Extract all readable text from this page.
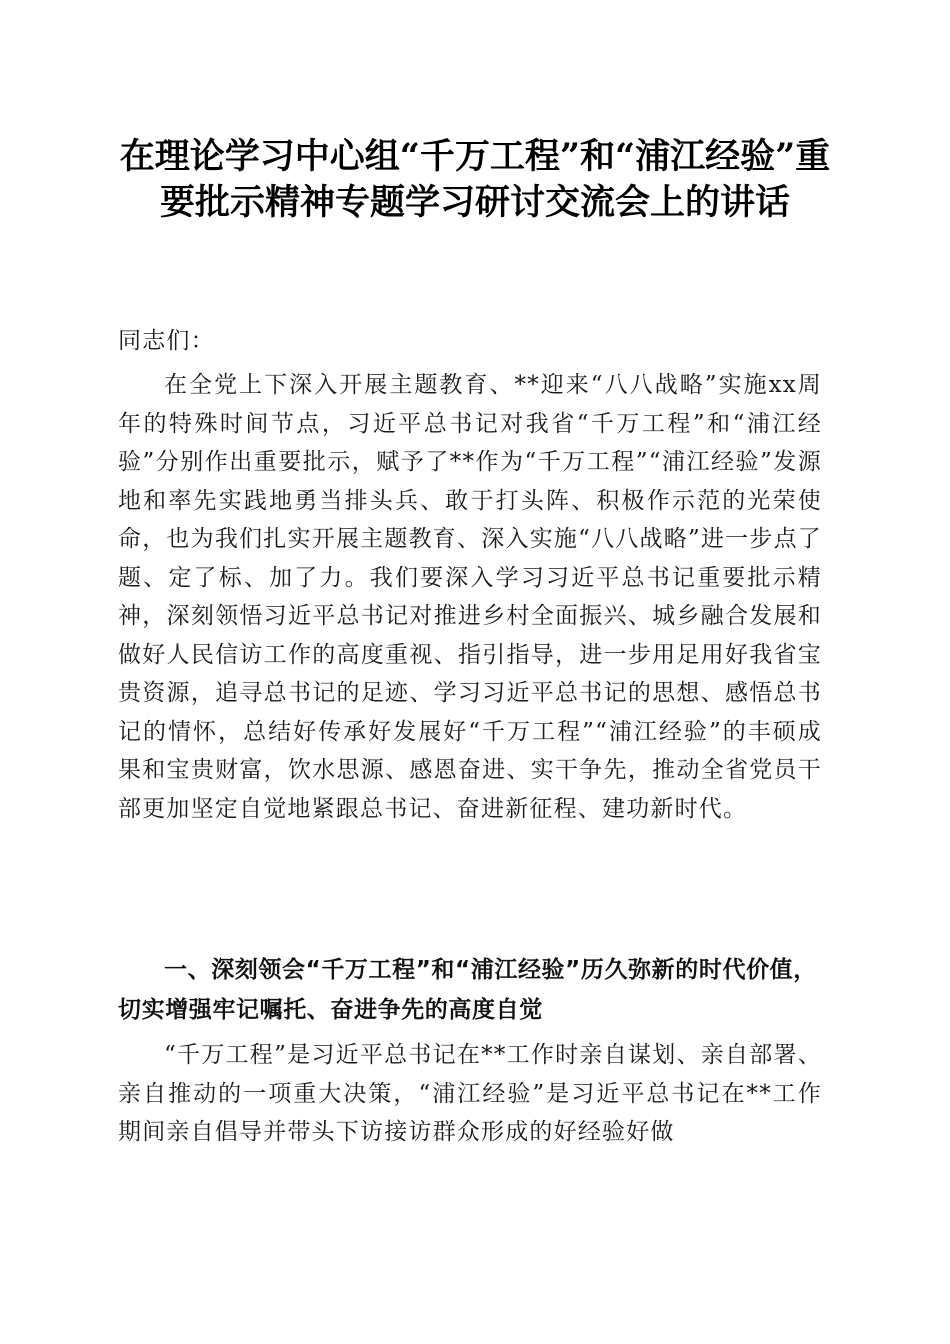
在理论学习中心组“千万工程”和“浦江经验”重要批示精神专题学习研讨交流会上的讲话

同志们：

在全党上下深入开展主题教育、**迎来“八八战略”实施xx周年的特殊时间节点，习近平总书记对我省“千万工程”和“浦江经验”分别作出重要批示，赋予了**作为“千万工程”“浦江经验”发源地和率先实践地勇当排头兵、敢于打头阵、积极作示范的光荣使命，也为我们扎实开展主题教育、深入实施“八八战略”进一步点了题、定了标、加了力。我们要深入学习习近平总书记重要批示精神，深刻领悟习近平总书记对推进乡村全面振兴、城乡融合发展和做好人民信访工作的高度重视、指引指导，进一步用足用好我省宝贵资源，追寻总书记的足迹、学习习近平总书记的思想、感悟总书记的情怀，总结好传承好发展好“千万工程”“浦江经验”的丰硕成果和宝贵财富，饮水思源、感恩奋进、实干争先，推动全省党员干部更加坚定自觉地紧跟总书记、奋进新征程、建功新时代。

一、深刻领会“千万工程”和“浦江经验”历久弥新的时代价值，切实增强牢记嘱托、奋进争先的高度自觉

“千万工程”是习近平总书记在**工作时亲自谋划、亲自部署、亲自推动的一项重大决策，“浦江经验”是习近平总书记在**工作期间亲自倡导并带头下访接访群众形成的好经验好做
